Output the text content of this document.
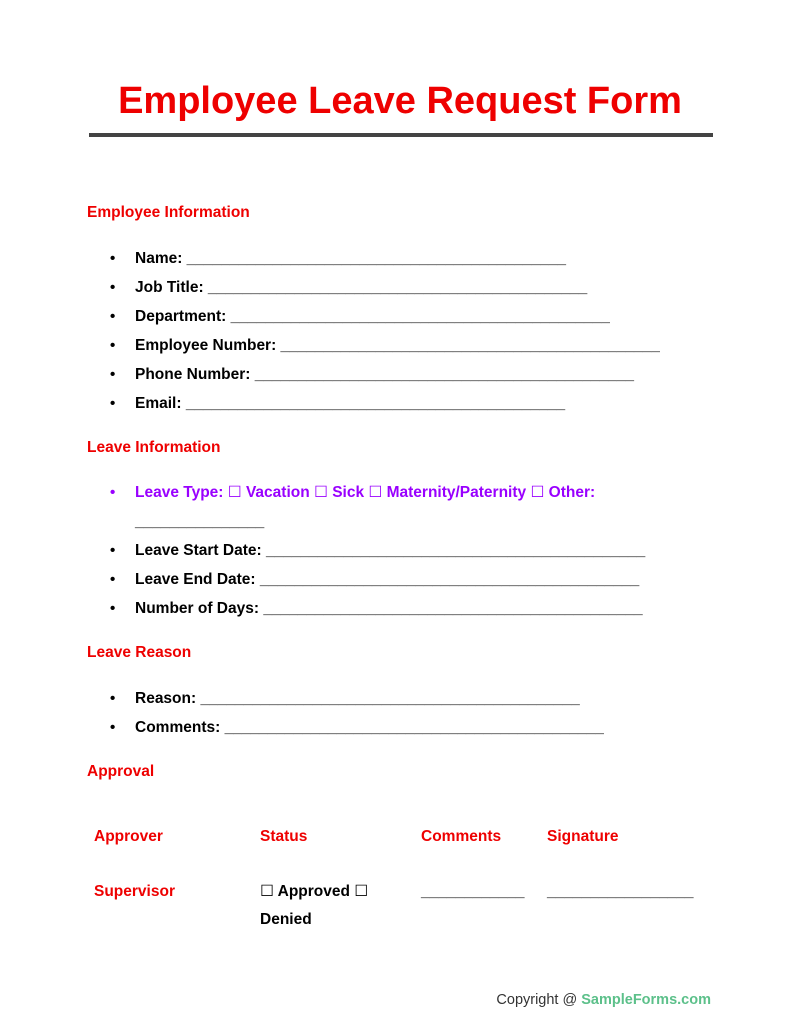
Employee Leave Request Form
Employee Information
• Name: ____________________________________________
• Job Title: ____________________________________________
• Department: ____________________________________________
• Employee Number: ____________________________________________
• Phone Number: ____________________________________________
• Email: ____________________________________________
Leave Information
• Leave Type: ☐ Vacation ☐ Sick ☐ Maternity/Paternity ☐ Other:
_______________
• Leave Start Date: ____________________________________________
• Leave End Date: ____________________________________________
• Number of Days: ____________________________________________
Leave Reason
• Reason: ____________________________________________
• Comments: ____________________________________________
Approval
Approver	Status	Comments	Signature
Supervisor	☐ Approved ☐ Denied	____________	_________________
Copyright @ SampleForms.com
